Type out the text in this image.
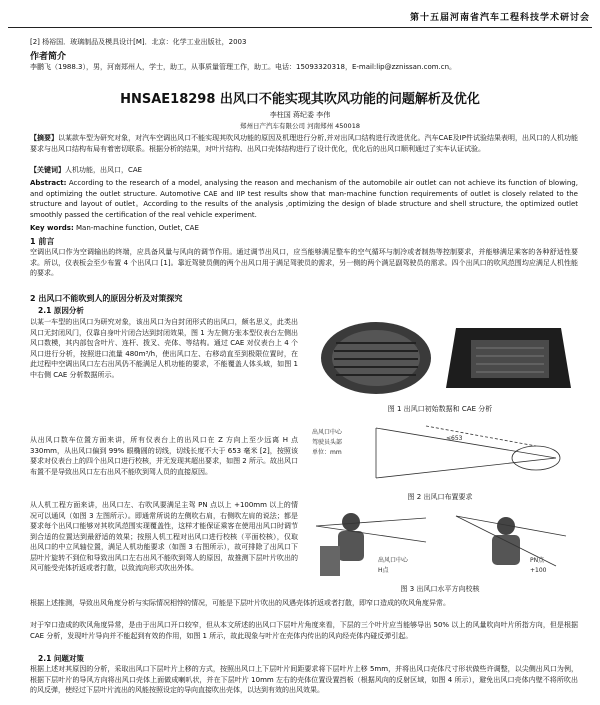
第十五届河南省汽车工程科技学术研讨会
[2] 杨裕国．玻璃制品及模具设计[M]．北京：化学工业出版社，2003
作者简介
李鹏飞（1988.3），男，河南郑州人，学士，助工，从事质量管理工作，助工。电话：15093320318，E-mail:lip@zznissan.com.cn。
HNSAE18298 出风口不能实现其吹风功能的问题解析及优化
李柱国 蒋纪委 李伟
郑州日产汽车有限公司 河南郑州 450018

【摘要】以某款车型为研究对象，对汽车空调出风口不能实现其吹风功能的原因及机理进行分析,并对出风口结构进行改进优化。汽车CAE及IP件试验结果表明，出风口的人机功能要求与出风口结构布局有着密切联系。根据分析的结果，对叶片结构、出风口壳体结构进行了设计优化，优化后的出风口顺利通过了实车认证试验。

【关键词】人机功能，出风口，CAE

Abstract: According to the research of a model, analysing the reason and mechanism of the automobile air outlet can not achieve its function of blowing, and optimizing the outlet structure. Automotive CAE and IIP test results show that man-machine function requirements of outlet is closely related to the structure and layout of outlet。According to the results of the analysis ,optimizing the design of blade structure and shell structure, the optimized outlet smoothly passed the certification of the real vehicle experiment.

Key words: Man-machine function, Outlet, CAE

1 前言

空调出风口作为空调输出的终端，应具备风量与风向的调节作用。通过调节出风口，应当能够满足整车的空气循环与制冷或者制热等控制要求，并能够满足乘客的各种舒适性要求。所以，仪表板会至少布置 4 个出风口 [1]。靠近驾驶员侧的两个出风口用于满足驾驶员的需求，另一侧的两个满足副驾驶员的需求。四个出风口的吹风范围均应满足人机性能的要求。

2 出风口不能吹到人的原因分析及对策探究
2.1 原因分析

以某一车型的出风口为研究对象，该出风口为自封闭形式的出风口，颇名思义，此类出风口无封闭风门，仅靠自身叶片闭合达到封闭效果，图 1 为左侧方张本型仪表台左侧出风口数模，其内部包含叶片、连杆、拨叉、壳体、等结构。通过 CAE 对仪表台上 4 个风口进行分析，按照进口流量 480m³/h，使出风口左、右移动直至到极限位置时，在此过程中空调出风口左右出风仍不能满足人机功能的要求，不能覆盖人体头域，如图 1 中右侧 CAE 分析数据所示。

从出风口数车位置方面来讲，所有仪表台上的出风口在 Z 方向上至少远离 H 点 330mm，从出风口偏到 99% 眼椭圆的切线，切线长度不大于 653 毫米 [2]，按照该要求对仪表台上的四个出风口进行校核，并无发现其超出要求，如图 2 所示。故出风口布置不是导致出风口左右出风不能吹到驾人员的直接原因。

从人机工程方面来讲，出风口左、右吹风要满足主驾 PN 点以上 +100mm 以上的情况可以通风（如图 3 左图所示）。即通常所说的左侧吹右肩，右侧吹左肩的说法；都是要求每个出风口能够对其吹风范围实现覆盖性，这样才能保证乘客在使用出风口时调节到合适的位置达到最舒适的效果；按照人机工程对出风口进行校核（平面校核），仅取出风口的中立风轴位置，满足人机功能要求（如图 3 右图所示），故可排除了出风口下层叶片旋转不到位和导致出风口左右出风不能吹到驾人的原因，故推测下层叶片吹出的风可能受壳体折返或者打散，以致流向形式吹出外体。

图 1 出风口初始数据和 CAE 分析
出风口中心
驾驶员头部
单位：mm
≤653
图 2 出风口布置要求
出风口中心
H点
PN点
+100
图 3 出风口水平方向校核

根据上述推测，导致出风角度分析与实际情况相悖的情况，可能是下层叶片吹出的风遇壳体折返或者打散，即窄口造成的吹风角度异常。

对于窄口造成的吹风角度异常，是由于出风口开口较窄，但从本文所述的出风口下层叶片角度来看，下层的三个叶片应当能够导出 50% 以上的风量吹向叶片所指方向，但是根据 CAE 分析，发现叶片导向并不能起到有效的作用，如图 1 所示，故此现象与叶片在壳体内传出的风向经壳体内碰反弹引起。

2.1 问题对策

根据上述对其原因的分析，采取出风口下层叶片上移的方式，按照出风口上下层叶片间距要求将下层叶片上移 5mm，并将出风口壳体尺寸形状做些许调整，以尖侧出风口为例，根据下层叶片的导风方向将出风口壳体上面做成喇叭状，并在下层叶片 10mm 左右的壳体位置设置挡板（根据风向的反射区域，如图 4 所示），避免出风口壳体内壁不将所吹出的风反弹，使经过下层叶片流出的风能按照设定的导向直接吹出壳体，以达到有效的出风效果。
